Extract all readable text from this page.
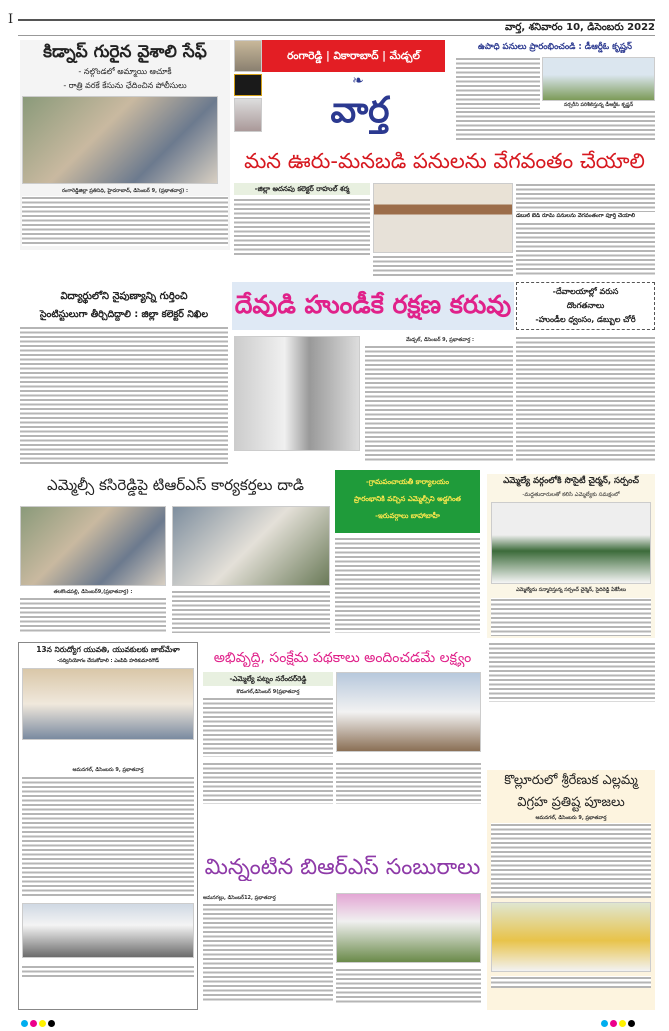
I
వార్త, శనివారం 10, డిసెంబరు 2022
కిడ్నాప్ గురైన వైశాలి సేఫ్
- నల్గొండలో అమ్మాయి ఆచూకీ
- రాత్రి వరకే కేసును ఛేదించిన పోలీసులు
రంగారెడ్డిజిల్లా ప్రతినిధి, హైదరాబాద్, డిసెంబర్ 9, (ప్రభాతవార్త) :
రంగారెడ్డి | వికారాబాద్ | మేడ్చల్
❧
వార్త
ఉపాధి పనులు ప్రారంభించండి : డీఆర్డీఓ కృష్ణన్
నర్సరీని పరిశీలిస్తున్న డీఆర్డీఓ కృష్ణన్
మన ఊరు-మనబడి పనులను వేగవంతం చేయాలి
-జిల్లా అదనపు కలెక్టర్ రాహుల్ శర్మ
డబుల్ బెడ్ రూమ్ పనులను వేగవంతంగా పూర్తి చేయాలి
విద్యార్థులోని నైపుణ్యాన్ని గుర్తించి
సైంటిస్టులుగా తీర్చిదిద్దాలి : జిల్లా కలెక్టర్ నిఖిల	దేవుడి హుండీకే రక్షణ కరువు	-దేవాలయాల్లో వరుస
దొంగతనాలు
-హుండీల ధ్వంసం, డబ్బుల చోరీ
మేడ్చల్, డిసెంబర్ 9, ప్రభాతవార్త :
ఎమ్మెల్సీ కసిరెడ్డిపై టిఆర్ఎస్ కార్యకర్తలు దాడి	-గ్రామపంచాయతీ కార్యాలయం
ప్రారంభానికి వచ్చిన ఎమ్మెల్సీని అడ్డగింత
-ఇరువర్గాలు బాహాబాహీ
తలకొండపల్లి, డిసెంబర్9,(ప్రభాతవార్త) :
ఎమ్మెల్యే వర్గంలోకి సొసైటీ చైర్మన్, సర్పంచ్
-మద్దతుదారులతో కలిసి ఎమ్మెల్యేకు సమక్షంలో
ఎమ్మెల్యేను సన్మానిస్తున్న సర్పంచ్ చైర్మెన్, సైదిరెడ్డి ఏకేసీలు
13న నిరుద్యోగ యువతి, యువకులకు జాబ్‌మేళా
-సద్వినియోగం చేసుకోవాలి : ఎంపిపి హరికుమారిగౌడ్
ఆమనగల్, డిసెంబరు 9, ప్రభాతవార్త
అభివృద్ధి, సంక్షేమ పథకాలు అందించడమే లక్ష్యం
-ఎమ్మెల్యే పట్నం నరేందర్‌రెడ్డి
కొడంగల్,డిసెంబర్ 9(ప్రభాతవార్త
కొల్లూరులో శ్రీరేణుక ఎల్లమ్మ
విగ్రహ ప్రతిష్ట పూజలు
ఆమనగల్, డిసెంబరు 9, ప్రభాతవార్త
మిన్నంటిన బిఆర్ఎస్ సంబురాలు
ఆమనగల్లు, డిసెంబర్12, ప్రభాతవార్త
